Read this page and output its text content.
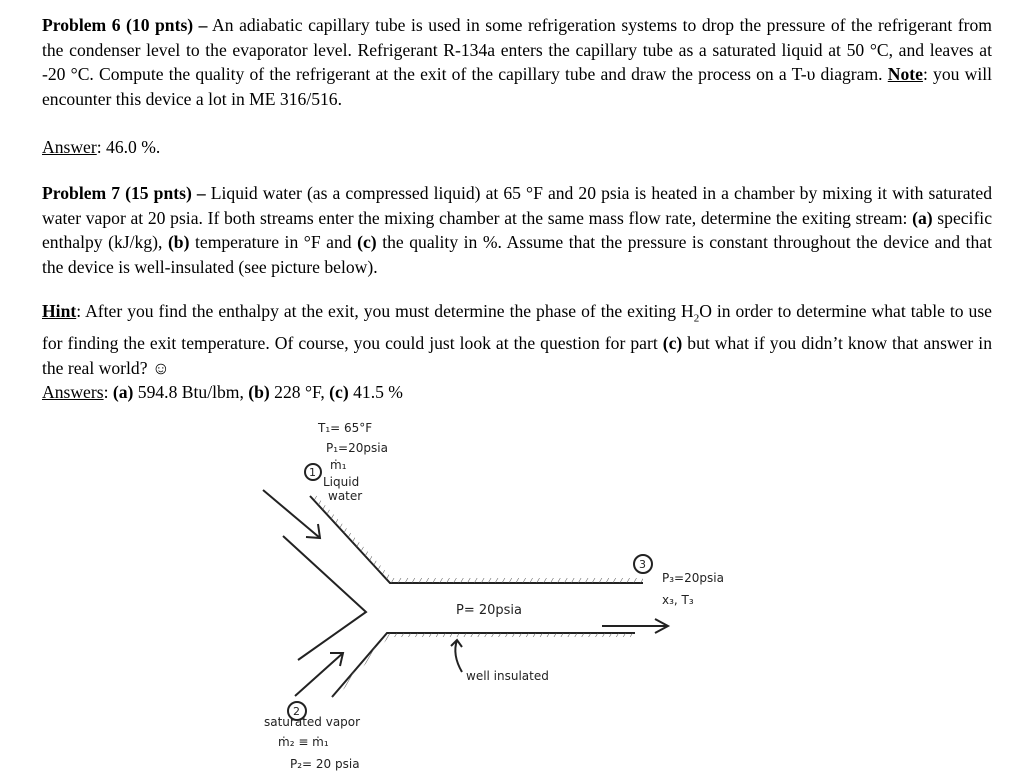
Problem 6 (10 pnts) – An adiabatic capillary tube is used in some refrigeration systems to drop the pressure of the refrigerant from the condenser level to the evaporator level. Refrigerant R-134a enters the capillary tube as a saturated liquid at 50 °C, and leaves at -20 °C. Compute the quality of the refrigerant at the exit of the capillary tube and draw the process on a T-υ diagram. Note: you will encounter this device a lot in ME 316/516.
Answer: 46.0 %.
Problem 7 (15 pnts) – Liquid water (as a compressed liquid) at 65 °F and 20 psia is heated in a chamber by mixing it with saturated water vapor at 20 psia. If both streams enter the mixing chamber at the same mass flow rate, determine the exiting stream: (a) specific enthalpy (kJ/kg), (b) temperature in °F and (c) the quality in %. Assume that the pressure is constant throughout the device and that the device is well-insulated (see picture below).
Hint: After you find the enthalpy at the exit, you must determine the phase of the exiting $H_2O$ in order to determine what table to use for finding the exit temperature. Of course, you could just look at the question for part (c) but what if you didn’t know that answer in the real world? ☺
Answers: (a) 594.8 Btu/lbm, (b) 228 °F, (c) 41.5 %
T₁= 65°F
P₁=20psia
ṁ₁
Liquid
water
1
2
saturated vapor
ṁ₂ ≡ ṁ₁
P₂= 20 psia
3
P₃=20psia
x₃, T₃
P= 20psia
well insulated
